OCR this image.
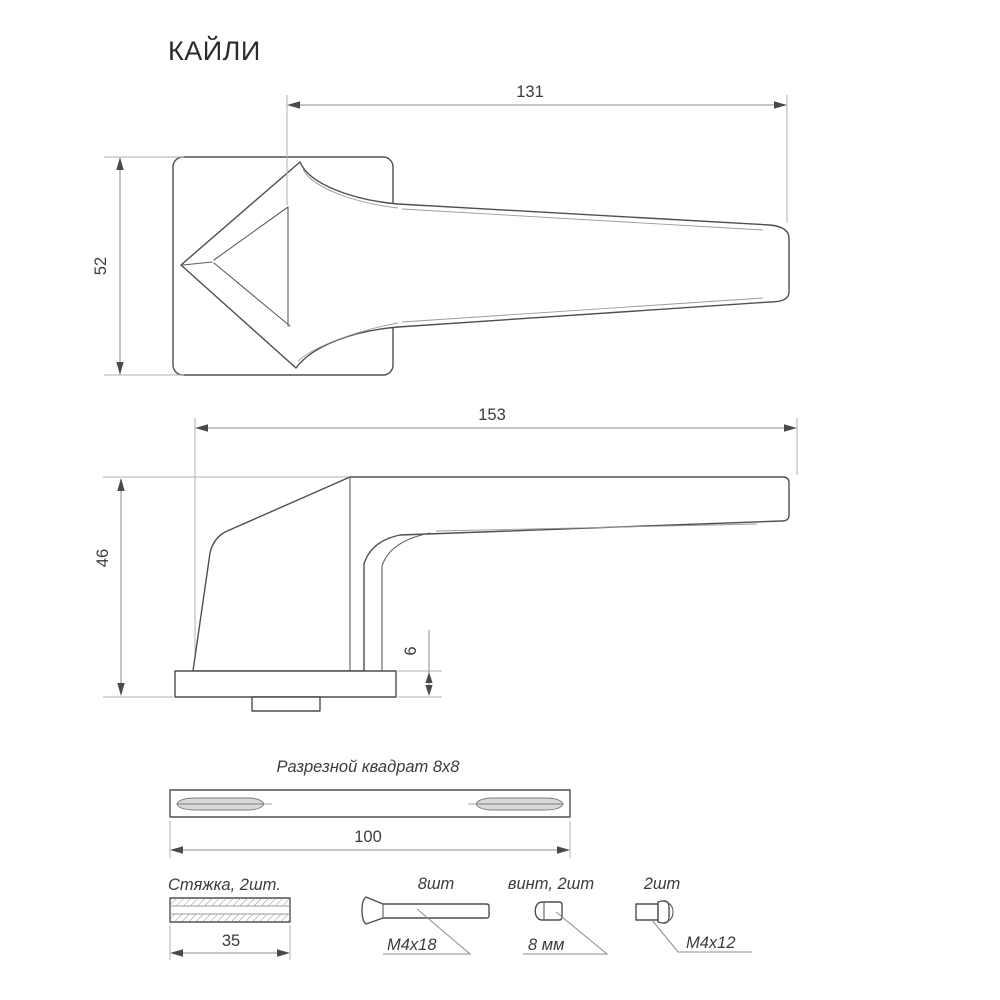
КАЙЛИ
131
52
153
46
6
Разрезной квадрат 8x8
100
Стяжка, 2шт.
35
8шт
M4x18
винт, 2шт
8 мм
2шт
M4x12
